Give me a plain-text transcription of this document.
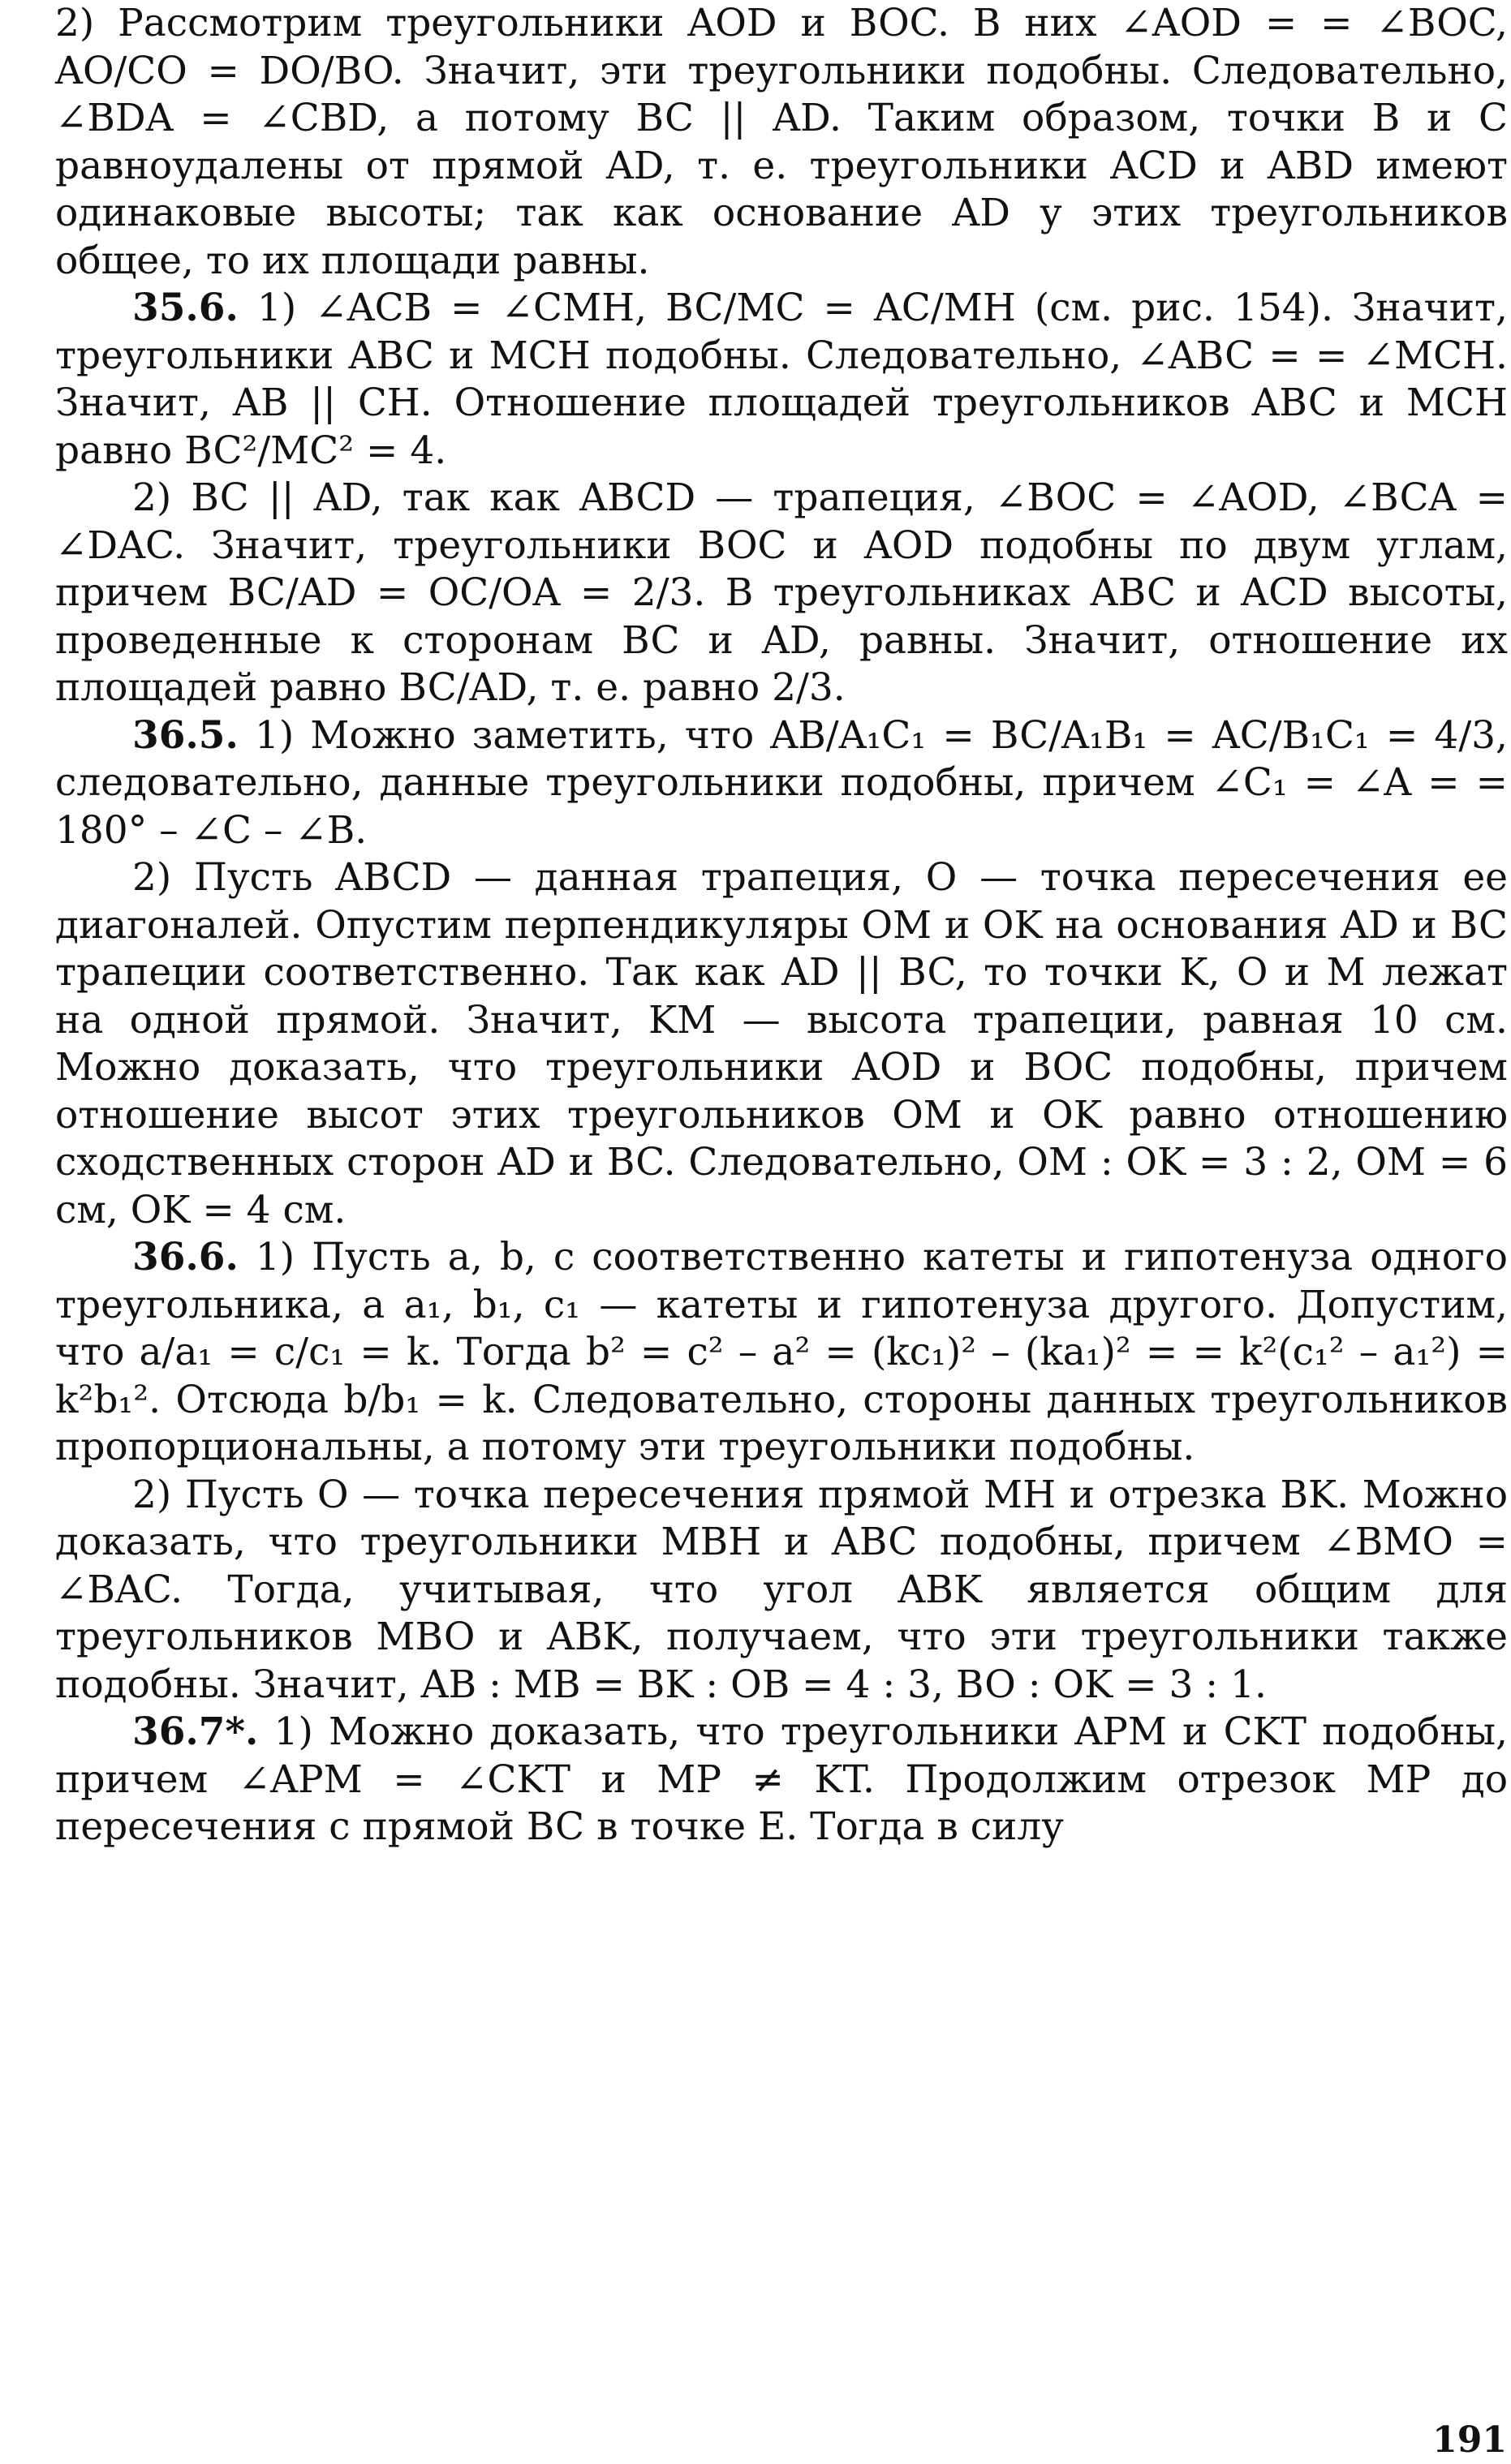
2) Рассмотрим треугольники AOD и BOC. В них ∠AOD = = ∠BOC, AO/CO = DO/BO. Значит, эти треугольники подобны. Следовательно, ∠BDA = ∠CBD, а потому BC || AD. Таким образом, точки B и C равноудалены от прямой AD, т. е. треугольники ACD и ABD имеют одинаковые высоты; так как основание AD у этих треугольников общее, то их площади равны.

35.6. 1) ∠ACB = ∠CMH, BC/MC = AC/MH (см. рис. 154). Значит, треугольники ABC и MCH подобны. Следовательно, ∠ABC = = ∠MCH. Значит, AB || CH. Отношение площадей треугольников ABC и MCH равно BC²/MC² = 4.

2) BC || AD, так как ABCD — трапеция, ∠BOC = ∠AOD, ∠BCA = ∠DAC. Значит, треугольники BOC и AOD подобны по двум углам, причем BC/AD = OC/OA = 2/3. В треугольниках ABC и ACD высоты, проведенные к сторонам BC и AD, равны. Значит, отношение их площадей равно BC/AD, т. е. равно 2/3.

36.5. 1) Можно заметить, что AB/A₁C₁ = BC/A₁B₁ = AC/B₁C₁ = 4/3, следовательно, данные треугольники подобны, причем ∠C₁ = ∠A = = 180° – ∠C – ∠B.

2) Пусть ABCD — данная трапеция, O — точка пересечения ее диагоналей. Опустим перпендикуляры OM и OK на основания AD и BC трапеции соответственно. Так как AD || BC, то точки K, O и M лежат на одной прямой. Значит, KM — высота трапеции, равная 10 см. Можно доказать, что треугольники AOD и BOC подобны, причем отношение высот этих треугольников OM и OK равно отношению сходственных сторон AD и BC. Следовательно, OM : OK = 3 : 2, OM = 6 см, OK = 4 см.

36.6. 1) Пусть a, b, c соответственно катеты и гипотенуза одного треугольника, а a₁, b₁, c₁ — катеты и гипотенуза другого. Допустим, что a/a₁ = c/c₁ = k. Тогда b² = c² – a² = (kc₁)² – (ka₁)² = = k²(c₁² – a₁²) = k²b₁². Отсюда b/b₁ = k. Следовательно, стороны данных треугольников пропорциональны, а потому эти треугольники подобны.

2) Пусть O — точка пересечения прямой MH и отрезка BK. Можно доказать, что треугольники MBH и ABC подобны, причем ∠BMO = ∠BAC. Тогда, учитывая, что угол ABK является общим для треугольников MBO и ABK, получаем, что эти треугольники также подобны. Значит, AB : MB = BK : OB = 4 : 3, BO : OK = 3 : 1.

36.7*. 1) Можно доказать, что треугольники APM и CKT подобны, причем ∠APM = ∠CKT и MP ≠ KT. Продолжим отрезок MP до пересечения с прямой BC в точке E. Тогда в силу

191
